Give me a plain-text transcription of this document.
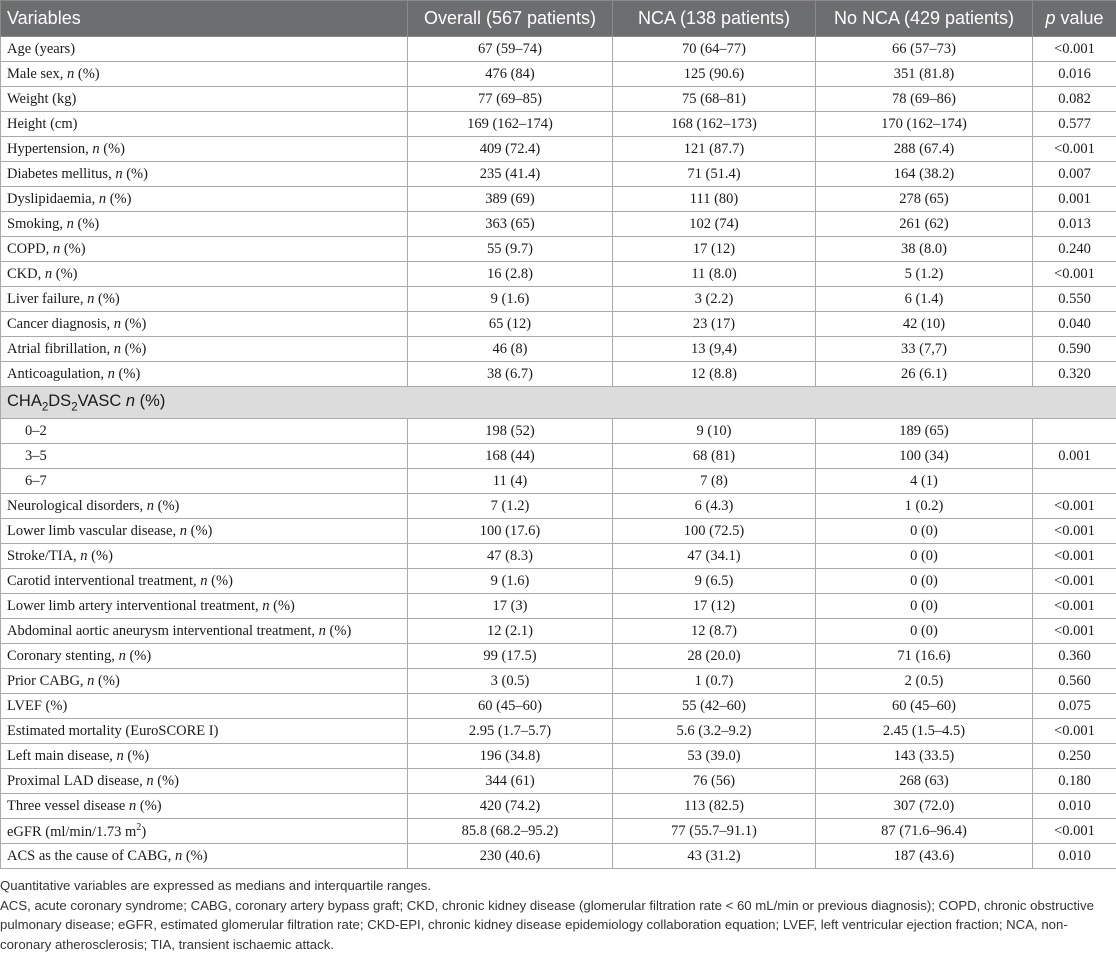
Variables	Overall (567 patients)	NCA (138 patients)	No NCA (429 patients)	p value
Age (years)	67 (59–74)	70 (64–77)	66 (57–73)	<0.001
Male sex, n (%)	476 (84)	125 (90.6)	351 (81.8)	0.016
Weight (kg)	77 (69–85)	75 (68–81)	78 (69–86)	0.082
Height (cm)	169 (162–174)	168 (162–173)	170 (162–174)	0.577
Hypertension, n (%)	409 (72.4)	121 (87.7)	288 (67.4)	<0.001
Diabetes mellitus, n (%)	235 (41.4)	71 (51.4)	164 (38.2)	0.007
Dyslipidaemia, n (%)	389 (69)	111 (80)	278 (65)	0.001
Smoking, n (%)	363 (65)	102 (74)	261 (62)	0.013
COPD, n (%)	55 (9.7)	17 (12)	38 (8.0)	0.240
CKD, n (%)	16 (2.8)	11 (8.0)	5 (1.2)	<0.001
Liver failure, n (%)	9 (1.6)	3 (2.2)	6 (1.4)	0.550
Cancer diagnosis, n (%)	65 (12)	23 (17)	42 (10)	0.040
Atrial fibrillation, n (%)	46 (8)	13 (9,4)	33 (7,7)	0.590
Anticoagulation, n (%)	38 (6.7)	12 (8.8)	26 (6.1)	0.320
$CHA_2DS_2VASC$ n (%)				
0–2	198 (52)	9 (10)	189 (65)	
3–5	168 (44)	68 (81)	100 (34)	0.001
6–7	11 (4)	7 (8)	4 (1)	
Neurological disorders, n (%)	7 (1.2)	6 (4.3)	1 (0.2)	<0.001
Lower limb vascular disease, n (%)	100 (17.6)	100 (72.5)	0 (0)	<0.001
Stroke/TIA, n (%)	47 (8.3)	47 (34.1)	0 (0)	<0.001
Carotid interventional treatment, n (%)	9 (1.6)	9 (6.5)	0 (0)	<0.001
Lower limb artery interventional treatment, n (%)	17 (3)	17 (12)	0 (0)	<0.001
Abdominal aortic aneurysm interventional treatment, n (%)	12 (2.1)	12 (8.7)	0 (0)	<0.001
Coronary stenting, n (%)	99 (17.5)	28 (20.0)	71 (16.6)	0.360
Prior CABG, n (%)	3 (0.5)	1 (0.7)	2 (0.5)	0.560
LVEF (%)	60 (45–60)	55 (42–60)	60 (45–60)	0.075
Estimated mortality (EuroSCORE I)	2.95 (1.7–5.7)	5.6 (3.2–9.2)	2.45 (1.5–4.5)	<0.001
Left main disease, n (%)	196 (34.8)	53 (39.0)	143 (33.5)	0.250
Proximal LAD disease, n (%)	344 (61)	76 (56)	268 (63)	0.180
Three vessel disease n (%)	420 (74.2)	113 (82.5)	307 (72.0)	0.010
eGFR (ml/min/1.73 $m^2$)	85.8 (68.2–95.2)	77 (55.7–91.1)	87 (71.6–96.4)	<0.001
ACS as the cause of CABG, n (%)	230 (40.6)	43 (31.2)	187 (43.6)	0.010

Quantitative variables are expressed as medians and interquartile ranges.

ACS, acute coronary syndrome; CABG, coronary artery bypass graft; CKD, chronic kidney disease (glomerular filtration rate < 60 mL/min or previous diagnosis); COPD, chronic obstructive pulmonary disease; eGFR, estimated glomerular filtration rate; CKD-EPI, chronic kidney disease epidemiology collaboration equation; LVEF, left ventricular ejection fraction; NCA, non-coronary atherosclerosis; TIA, transient ischaemic attack.
